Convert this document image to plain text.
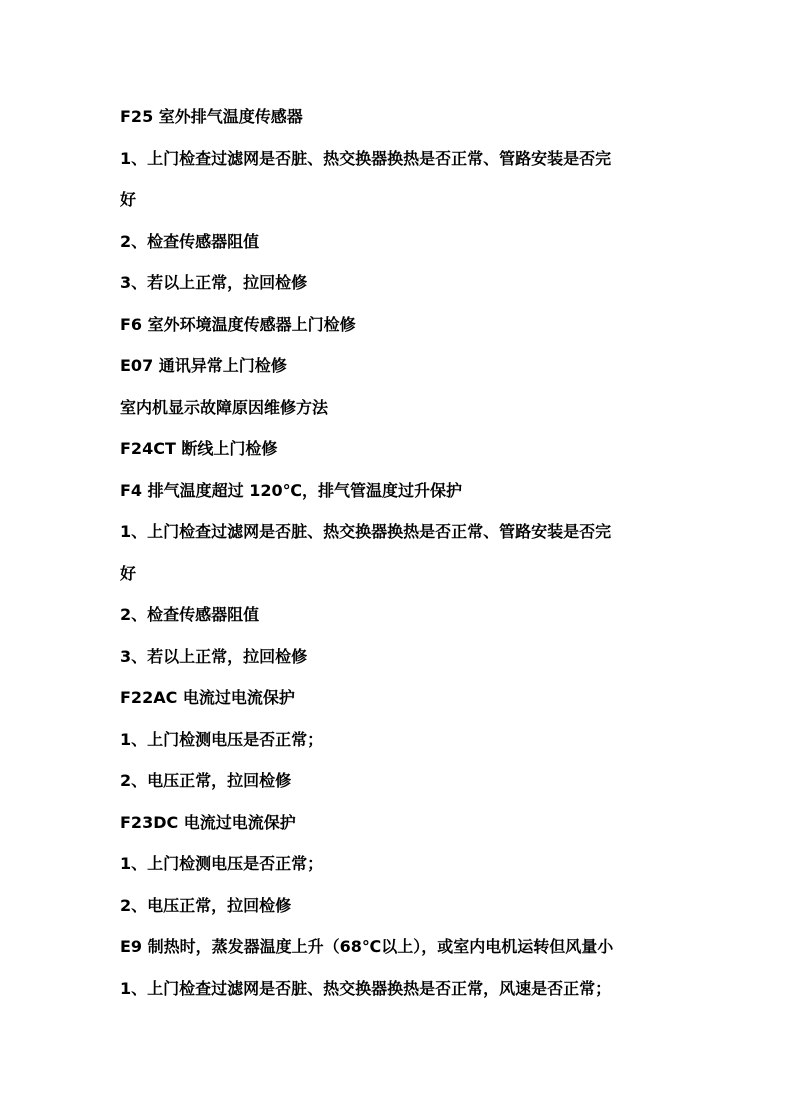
F25 室外排气温度传感器
1、上门检查过滤网是否脏、热交换器换热是否正常、管路安装是否完
好
2、检查传感器阻值
3、若以上正常，拉回检修
F6 室外环境温度传感器上门检修
E07 通讯异常上门检修
室内机显示故障原因维修方法
F24CT 断线上门检修
F4 排气温度超过 120℃，排气管温度过升保护
1、上门检查过滤网是否脏、热交换器换热是否正常、管路安装是否完
好
2、检查传感器阻值
3、若以上正常，拉回检修
F22AC 电流过电流保护
1、上门检测电压是否正常；
2、电压正常，拉回检修
F23DC 电流过电流保护
1、上门检测电压是否正常；
2、电压正常，拉回检修
E9 制热时，蒸发器温度上升（68℃以上），或室内电机运转但风量小
1、上门检查过滤网是否脏、热交换器换热是否正常，风速是否正常；
